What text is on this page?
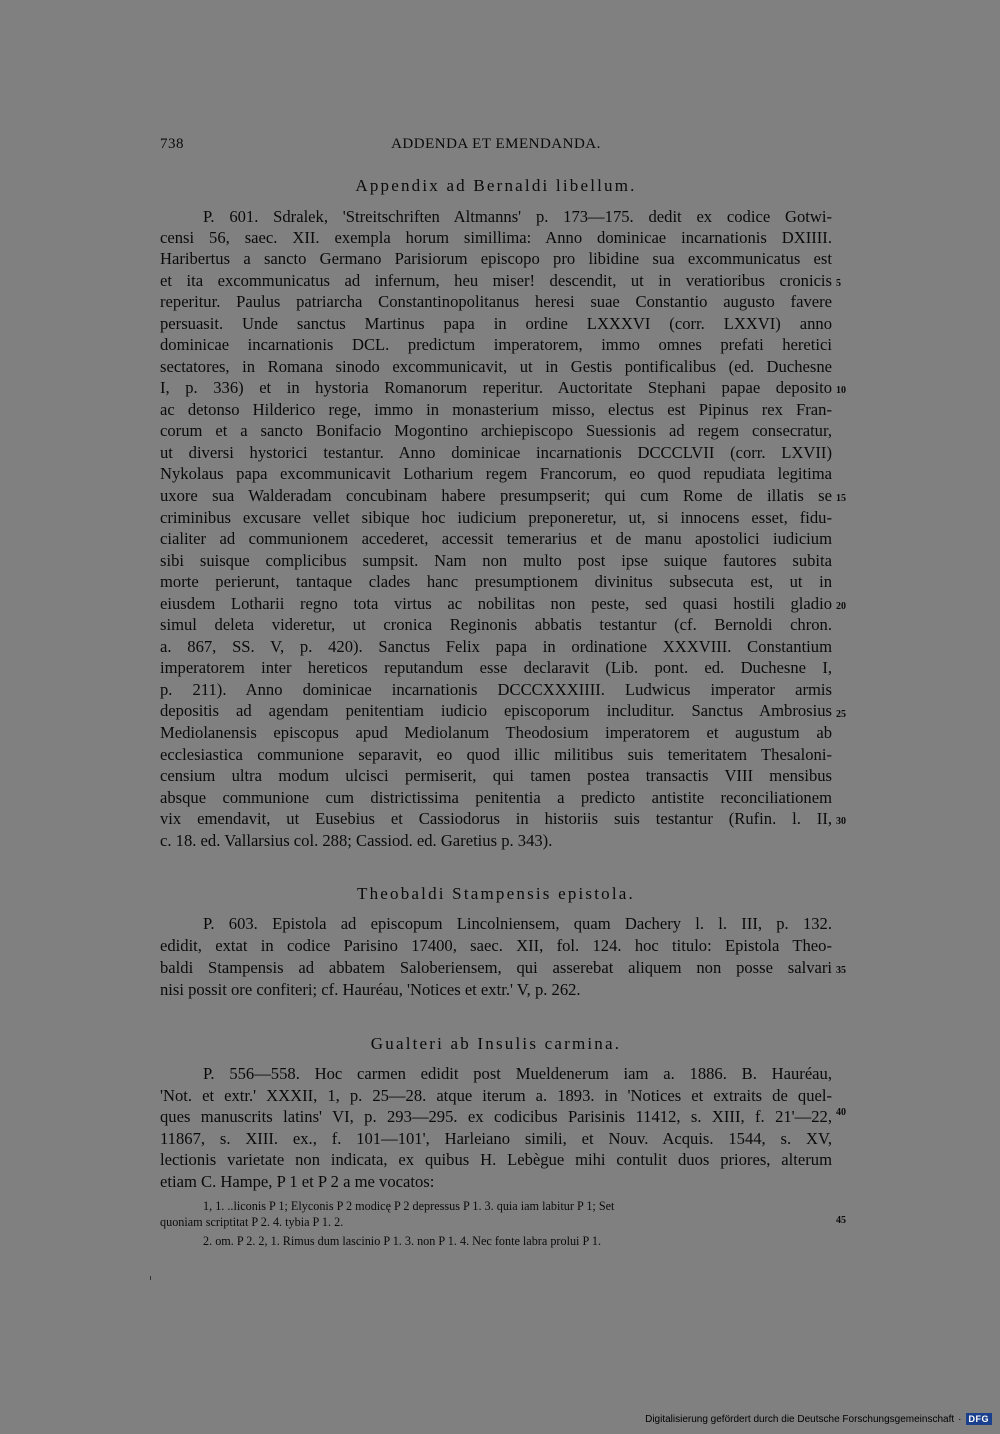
738	ADDENDA ET EMENDANDA.
Appendix ad Bernaldi libellum.
P. 601. Sdralek, 'Streitschriften Altmanns' p. 173—175. dedit ex codice Gotwi-
censi 56, saec. XII. exempla horum simillima: Anno dominicae incarnationis DXIIII.
Haribertus a sancto Germano Parisiorum episcopo pro libidine sua excommunicatus est
et ita excommunicatus ad infernum, heu miser! descendit, ut in veratioribus cronicis
reperitur. Paulus patriarcha Constantinopolitanus heresi suae Constantio augusto favere
persuasit. Unde sanctus Martinus papa in ordine LXXXVI (corr. LXXVI) anno
dominicae incarnationis DCL. predictum imperatorem, immo omnes prefati heretici
sectatores, in Romana sinodo excommunicavit, ut in Gestis pontificalibus (ed. Duchesne
I, p. 336) et in hystoria Romanorum reperitur. Auctoritate Stephani papae deposito
ac detonso Hilderico rege, immo in monasterium misso, electus est Pipinus rex Fran-
corum et a sancto Bonifacio Mogontino archiepiscopo Suessionis ad regem consecratur,
ut diversi hystorici testantur. Anno dominicae incarnationis DCCCLVII (corr. LXVII)
Nykolaus papa excommunicavit Lotharium regem Francorum, eo quod repudiata legitima
uxore sua Walderadam concubinam habere presumpserit; qui cum Rome de illatis se
criminibus excusare vellet sibique hoc iudicium preponeretur, ut, si innocens esset, fidu-
cialiter ad communionem accederet, accessit temerarius et de manu apostolici iudicium
sibi suisque complicibus sumpsit. Nam non multo post ipse suique fautores subita
morte perierunt, tantaque clades hanc presumptionem divinitus subsecuta est, ut in
eiusdem Lotharii regno tota virtus ac nobilitas non peste, sed quasi hostili gladio
simul deleta videretur, ut cronica Reginonis abbatis testantur (cf. Bernoldi chron.
a. 867, SS. V, p. 420). Sanctus Felix papa in ordinatione XXXVIII. Constantium
imperatorem inter hereticos reputandum esse declaravit (Lib. pont. ed. Duchesne I,
p. 211). Anno dominicae incarnationis DCCCXXXIIII. Ludwicus imperator armis
depositis ad agendam penitentiam iudicio episcoporum includitur. Sanctus Ambrosius
Mediolanensis episcopus apud Mediolanum Theodosium imperatorem et augustum ab
ecclesiastica communione separavit, eo quod illic militibus suis temeritatem Thesaloni-
censium ultra modum ulcisci permiserit, qui tamen postea transactis VIII mensibus
absque communione cum districtissima penitentia a predicto antistite reconciliationem
vix emendavit, ut Eusebius et Cassiodorus in historiis suis testantur (Rufin. l. II,
c. 18. ed. Vallarsius col. 288; Cassiod. ed. Garetius p. 343).
Theobaldi Stampensis epistola.
P. 603. Epistola ad episcopum Lincolniensem, quam Dachery l. l. III, p. 132.
edidit, extat in codice Parisino 17400, saec. XII, fol. 124. hoc titulo: Epistola Theo-
baldi Stampensis ad abbatem Saloberiensem, qui asserebat aliquem non posse salvari
nisi possit ore confiteri; cf. Hauréau, 'Notices et extr.' V, p. 262.
Gualteri ab Insulis carmina.
P. 556—558. Hoc carmen edidit post Mueldenerum iam a. 1886. B. Hauréau,
'Not. et extr.' XXXII, 1, p. 25—28. atque iterum a. 1893. in 'Notices et extraits de quel-
ques manuscrits latins' VI, p. 293—295. ex codicibus Parisinis 11412, s. XIII, f. 21'—22,
11867, s. XIII. ex., f. 101—101', Harleiano simili, et Nouv. Acquis. 1544, s. XV,
lectionis varietate non indicata, ex quibus H. Lebègue mihi contulit duos priores, alterum
etiam C. Hampe, P 1 et P 2 a me vocatos:
1, 1. ..liconis P 1; Elyconis P 2 modicę P 2 depressus P 1. 3. quia iam labitur P 1; Set
quoniam scriptitat P 2. 4. tybia P 1. 2.
2. om. P 2. 2, 1. Rimus dum lascinio P 1. 3. non P 1. 4. Nec fonte labra prolui P 1.
5
10
15
20
25
30
35
40
45
Digitalisierung gefördert durch die Deutsche Forschungsgemeinschaft · DFG
